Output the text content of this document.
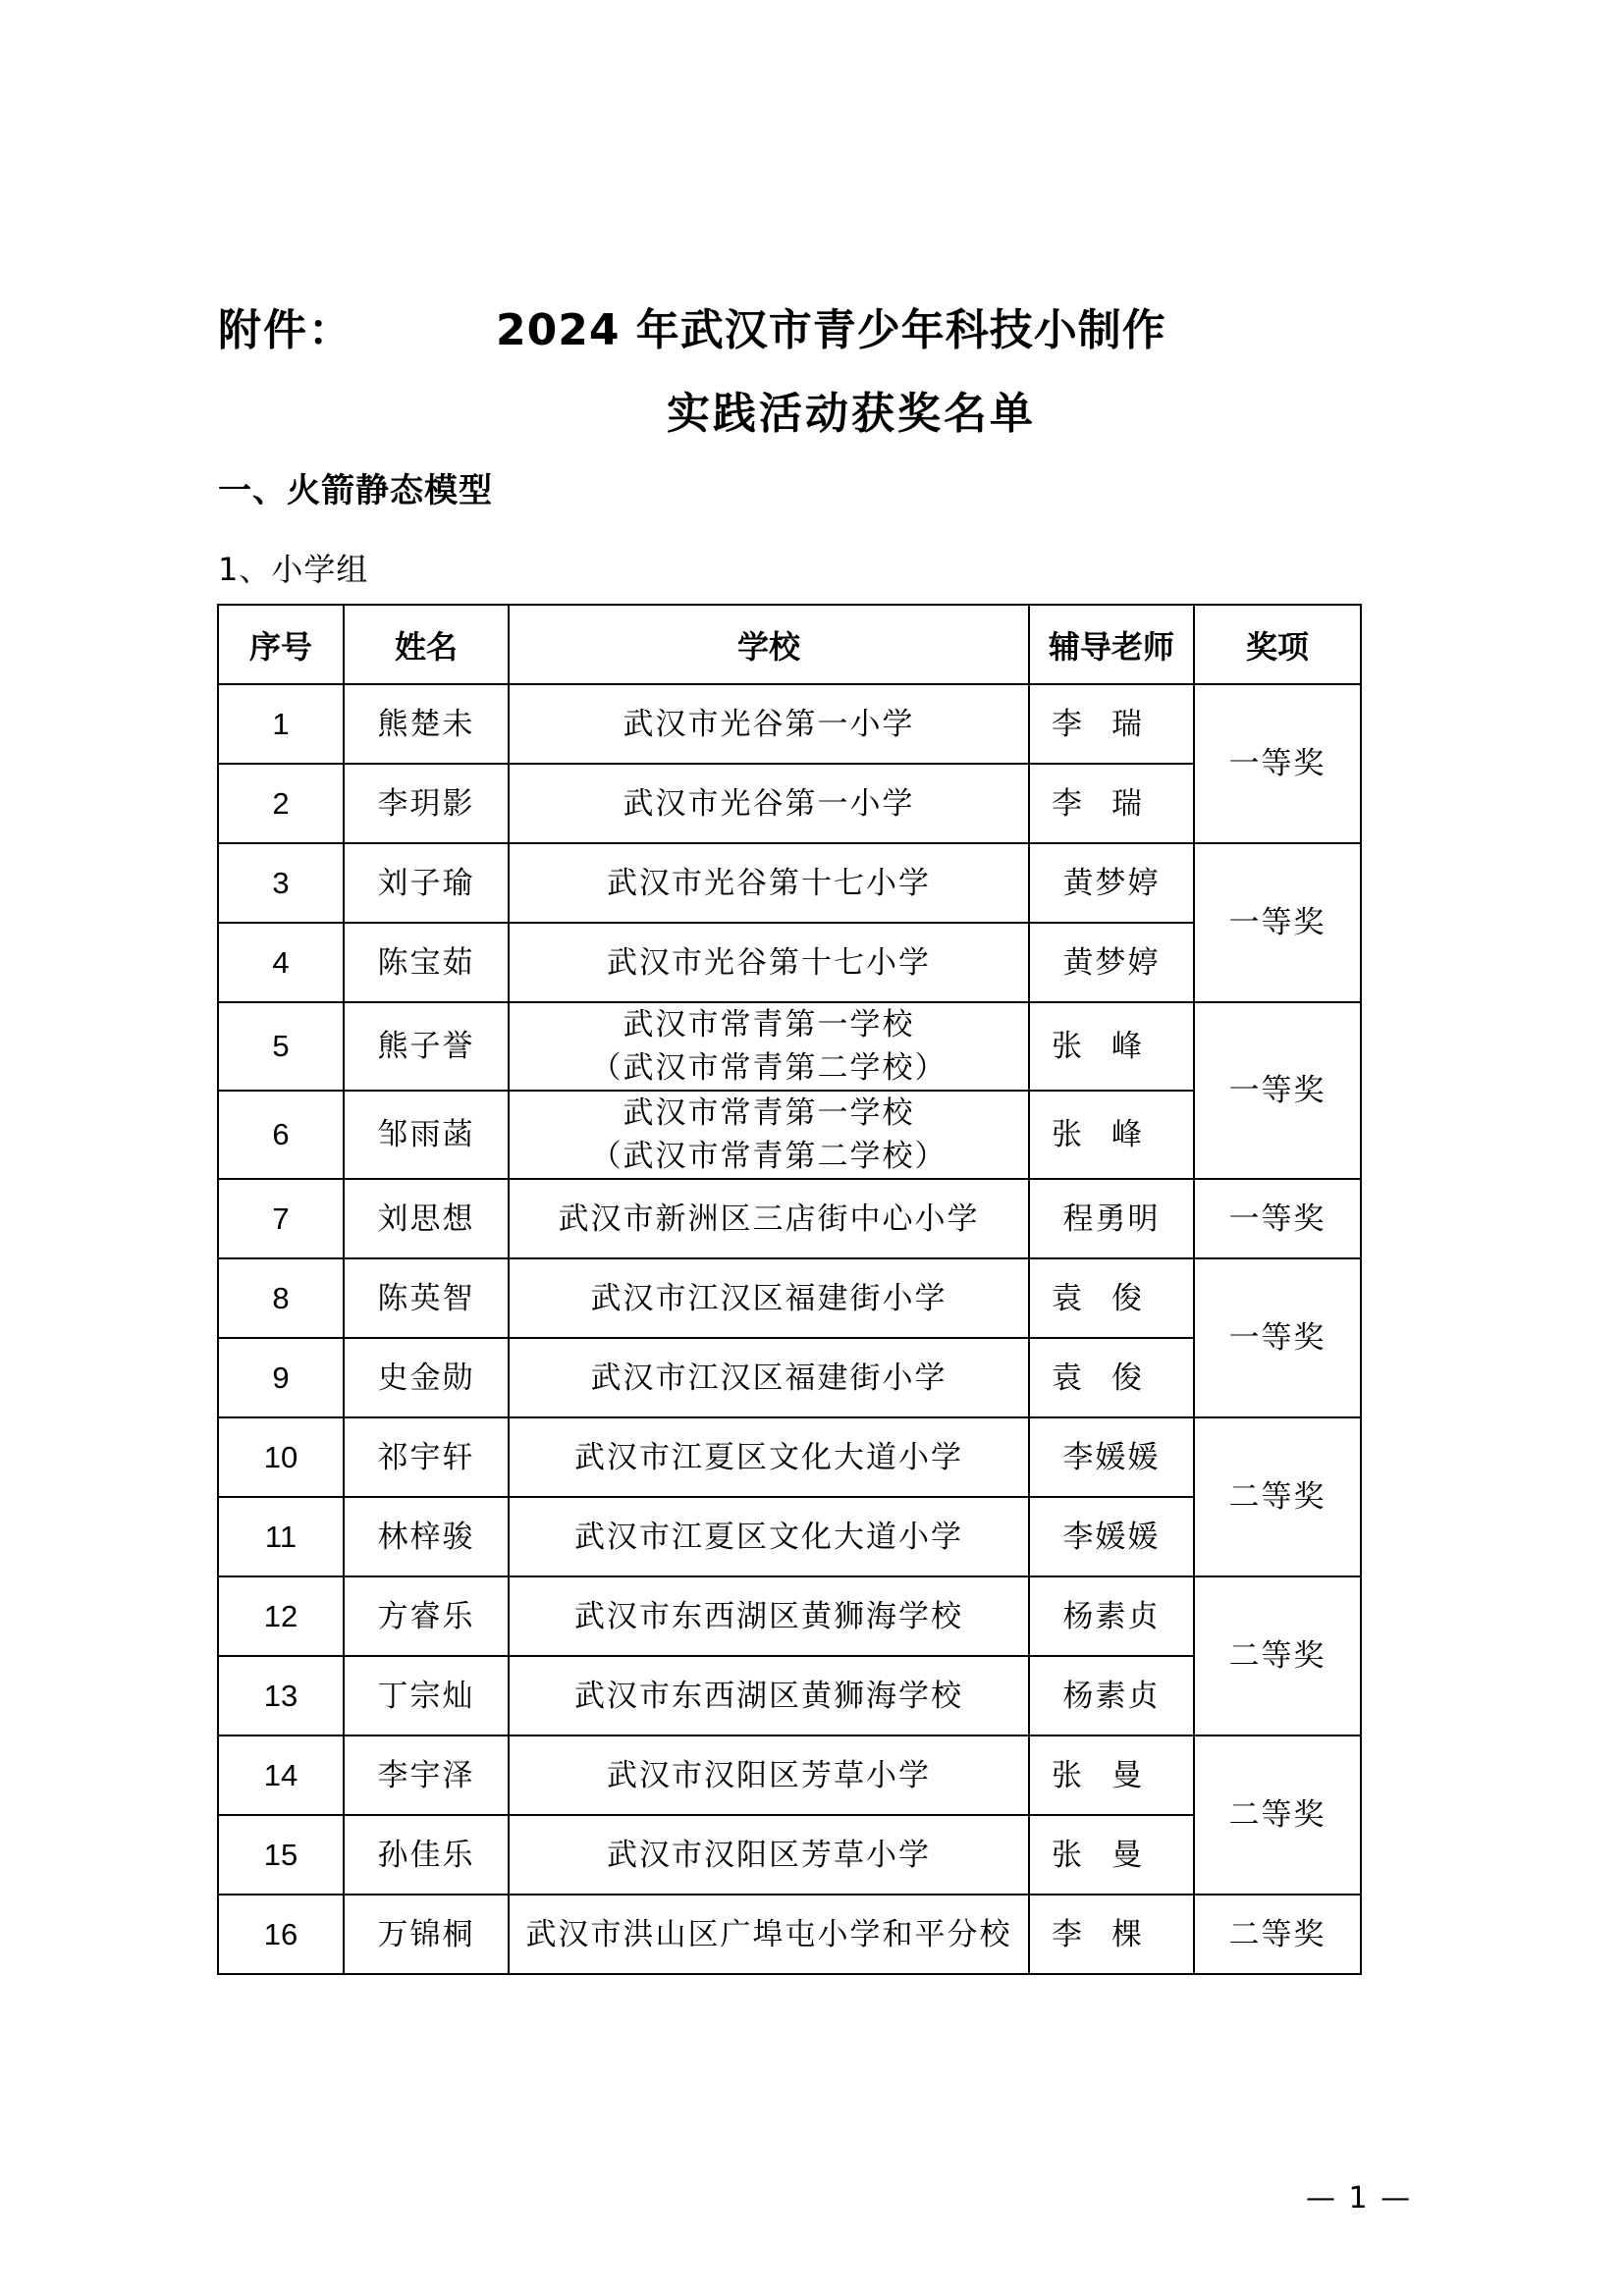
附件：	2024 年武汉市青少年科技小制作
实践活动获奖名单
一、火箭静态模型
1、小学组
序号	姓名	学校	辅导老师	奖项
1	熊楚未	武汉市光谷第一小学	李瑞	一等奖
2	李玥影	武汉市光谷第一小学	李瑞	
3	刘子瑜	武汉市光谷第十七小学	黄梦婷	一等奖
4	陈宝茹	武汉市光谷第十七小学	黄梦婷	
5	熊子誉	武汉市常青第一学校
（武汉市常青第二学校）	张峰	一等奖
6	邹雨菡	武汉市常青第一学校
（武汉市常青第二学校）	张峰	
7	刘思想	武汉市新洲区三店街中心小学	程勇明	一等奖
8	陈英智	武汉市江汉区福建街小学	袁俊	一等奖
9	史金勋	武汉市江汉区福建街小学	袁俊	
10	祁宇轩	武汉市江夏区文化大道小学	李媛媛	二等奖
11	林梓骏	武汉市江夏区文化大道小学	李媛媛	
12	方睿乐	武汉市东西湖区黄狮海学校	杨素贞	二等奖
13	丁宗灿	武汉市东西湖区黄狮海学校	杨素贞	
14	李宇泽	武汉市汉阳区芳草小学	张曼	二等奖
15	孙佳乐	武汉市汉阳区芳草小学	张曼	
16	万锦桐	武汉市洪山区广埠屯小学和平分校	李棵	二等奖
— 1 —
